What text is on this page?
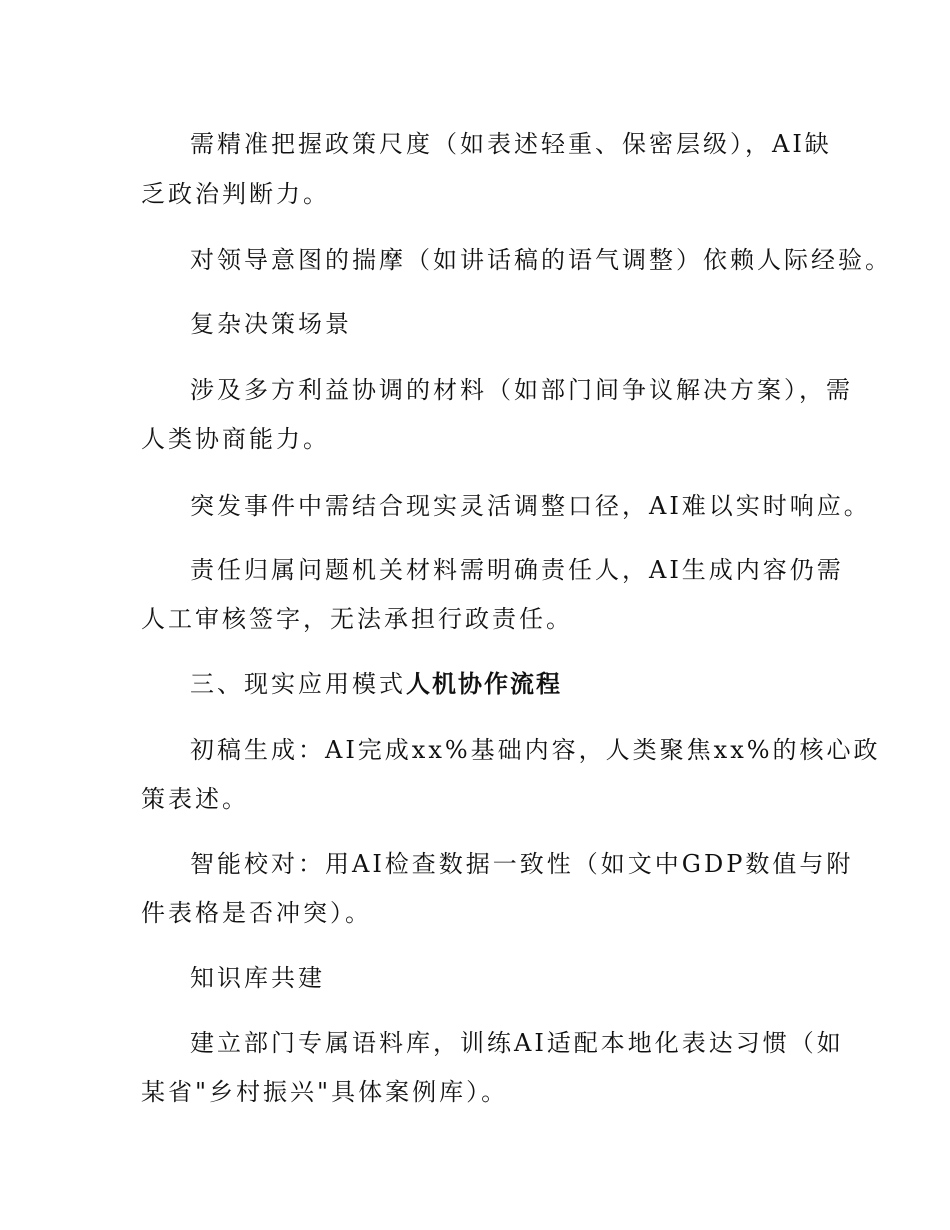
需精准把握政策尺度（如表述轻重、保密层级），AI缺
乏政治判断力。
对领导意图的揣摩（如讲话稿的语气调整）依赖人际经验。
复杂决策场景
涉及多方利益协调的材料（如部门间争议解决方案），需
人类协商能力。
突发事件中需结合现实灵活调整口径，AI难以实时响应。
责任归属问题机关材料需明确责任人，AI生成内容仍需
人工审核签字，无法承担行政责任。
三、现实应用模式人机协作流程
初稿生成：AI完成xx%基础内容，人类聚焦xx%的核心政
策表述。
智能校对：用AI检查数据一致性（如文中GDP数值与附
件表格是否冲突）。
知识库共建
建立部门专属语料库，训练AI适配本地化表达习惯（如
某省"乡村振兴"具体案例库）。
